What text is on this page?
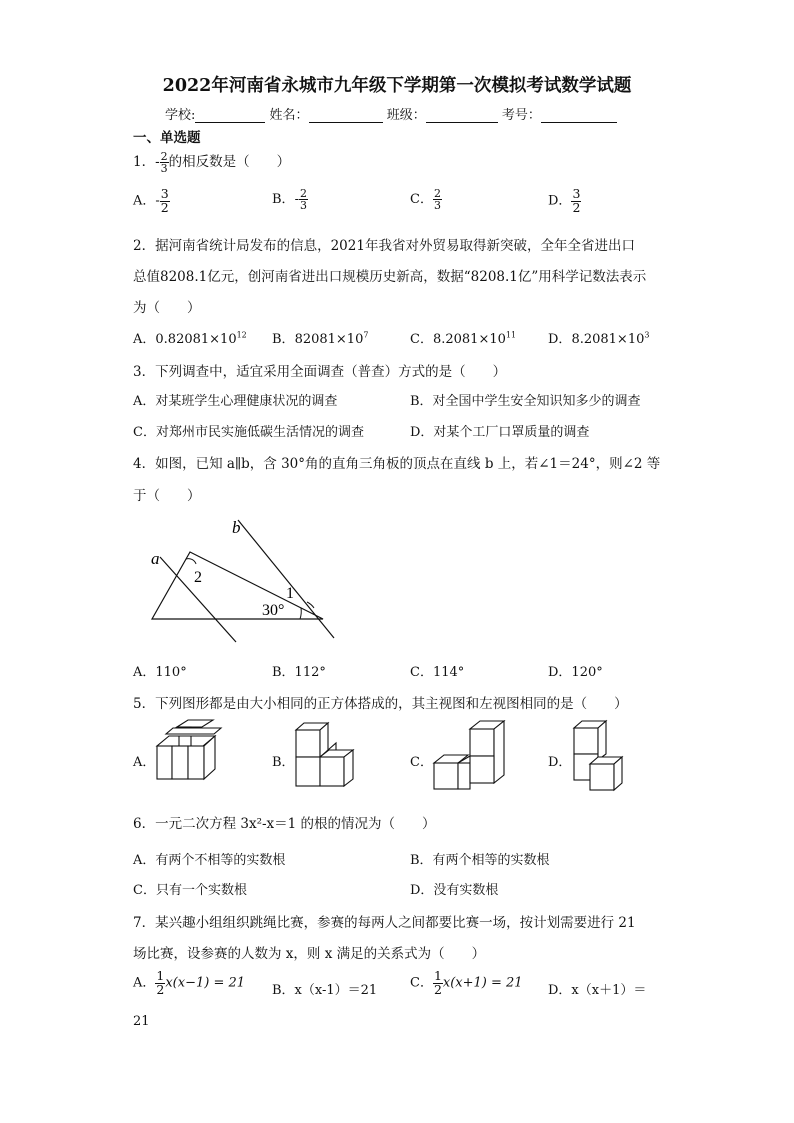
2022年河南省永城市九年级下学期第一次模拟考试数学试题
学校:	姓名：	班级：	考号：
一、单选题
1．- $\frac{2}{3}$ 的相反数是（　　）
A．- $\frac{3}{2}$	B．- $\frac{2}{3}$	C． $\frac{2}{3}$	D． $\frac{3}{2}$
2．据河南省统计局发布的信息，2021年我省对外贸易取得新突破，全年全省进出口
总值8208.1亿元，创河南省进出口规模历史新高，数据“8208.1亿”用科学记数法表示
为（　　）
A．$0.82081\times 10^{12}$ B．$82081\times 10^7$	C．$8.2081\times 10^{11}$ D．$8.2081\times 10^3$
3．下列调查中，适宜采用全面调查（普查）方式的是（　　）
A．对某班学生心理健康状况的调查	B．对全国中学生安全知识知多少的调查
C．对郑州市民实施低碳生活情况的调查	D．对某个工厂口罩质量的调查
4．如图，已知 a∥b，含 30°角的直角三角板的顶点在直线 b 上，若∠1＝24°，则∠2 等
于（　　）
a
b
2
1
30°
A．110°	B．112°	C．114°	D．120°
5．下列图形都是由大小相同的正方体搭成的，其主视图和左视图相同的是（　　）
A．	B．	C．	D．
6．一元二次方程 3x²-x＝1 的根的情况为（　　）
A．有两个不相等的实数根	B．有两个相等的实数根
C．只有一个实数根	D．没有实数根
7．某兴趣小组组织跳绳比赛，参赛的每两人之间都要比赛一场，按计划需要进行 21
场比赛，设参赛的人数为 x，则 x 满足的关系式为（　　）
A． $\frac{1}{2} x(x-1) = 21$ B．x（x-1）＝21	C． $\frac{1}{2} x(x+1) = 21$ D．x（x＋1）＝
21
